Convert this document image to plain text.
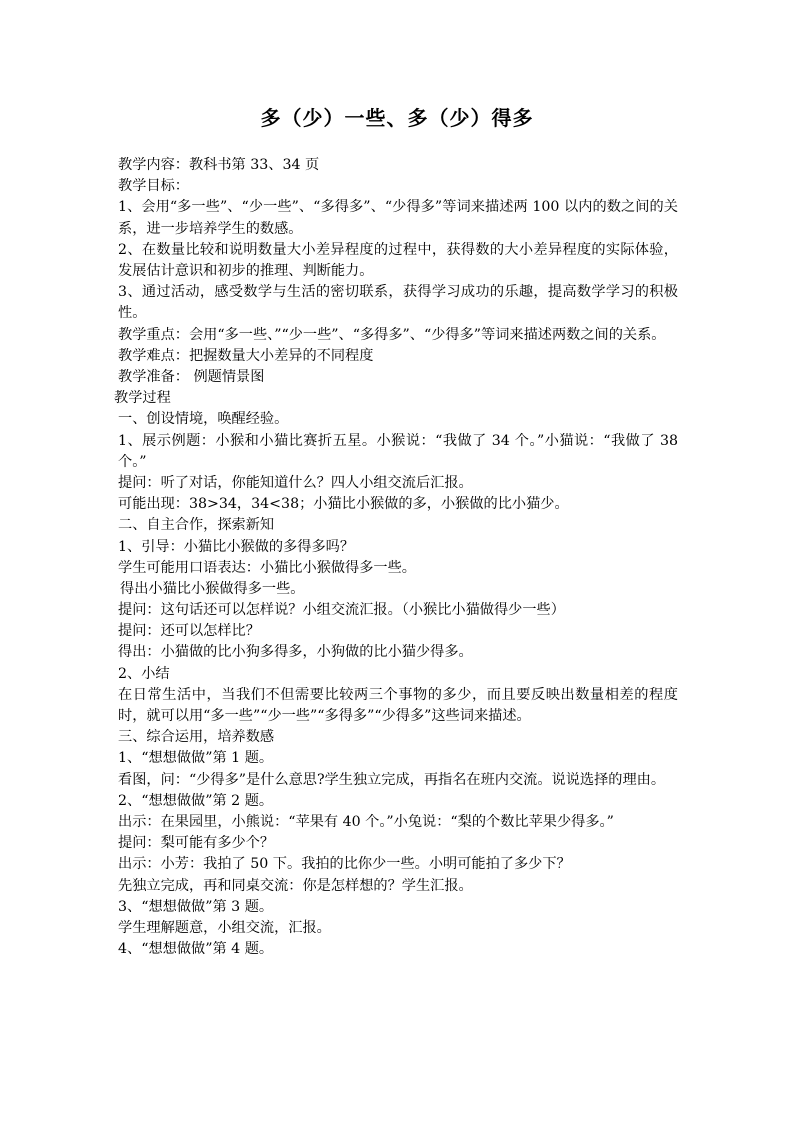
多（少）一些、多（少）得多
教学内容：教科书第 33、34 页
教学目标：
1、会用“多一些”、“少一些”、“多得多”、“少得多”等词来描述两 100 以内的数之间的关系，进一步培养学生的数感。
2、在数量比较和说明数量大小差异程度的过程中，获得数的大小差异程度的实际体验，发展估计意识和初步的推理、判断能力。
3、通过活动，感受数学与生活的密切联系，获得学习成功的乐趣，提高数学学习的积极性。
教学重点：会用“多一些、”“少一些”、“多得多”、“少得多”等词来描述两数之间的关系。
教学难点：把握数量大小差异的不同程度
教学准备： 例题情景图
教学过程
一、创设情境，唤醒经验。
1、展示例题：小猴和小猫比赛折五星。小猴说：“我做了 34 个。”小猫说：“我做了 38 个。”
提问：听了对话，你能知道什么？四人小组交流后汇报。
可能出现：38>34，34<38；小猫比小猴做的多，小猴做的比小猫少。
二、自主合作，探索新知
1、引导：小猫比小猴做的多得多吗？
学生可能用口语表达：小猫比小猴做得多一些。
得出小猫比小猴做得多一些。
提问：这句话还可以怎样说？小组交流汇报。（小猴比小猫做得少一些）
提问：还可以怎样比？
得出：小猫做的比小狗多得多，小狗做的比小猫少得多。
2、小结
在日常生活中，当我们不但需要比较两三个事物的多少，而且要反映出数量相差的程度时，就可以用“多一些”“少一些”“多得多”“少得多”这些词来描述。
三、综合运用，培养数感
1、“想想做做”第 1 题。
看图，问：“少得多”是什么意思?学生独立完成，再指名在班内交流。说说选择的理由。
2、“想想做做”第 2 题。
出示：在果园里，小熊说：“苹果有 40 个。”小兔说：“梨的个数比苹果少得多。”
提问：梨可能有多少个？
出示：小芳：我拍了 50 下。我拍的比你少一些。小明可能拍了多少下？
先独立完成，再和同桌交流：你是怎样想的？学生汇报。
3、“想想做做”第 3 题。
学生理解题意，小组交流，汇报。
4、“想想做做”第 4 题。
